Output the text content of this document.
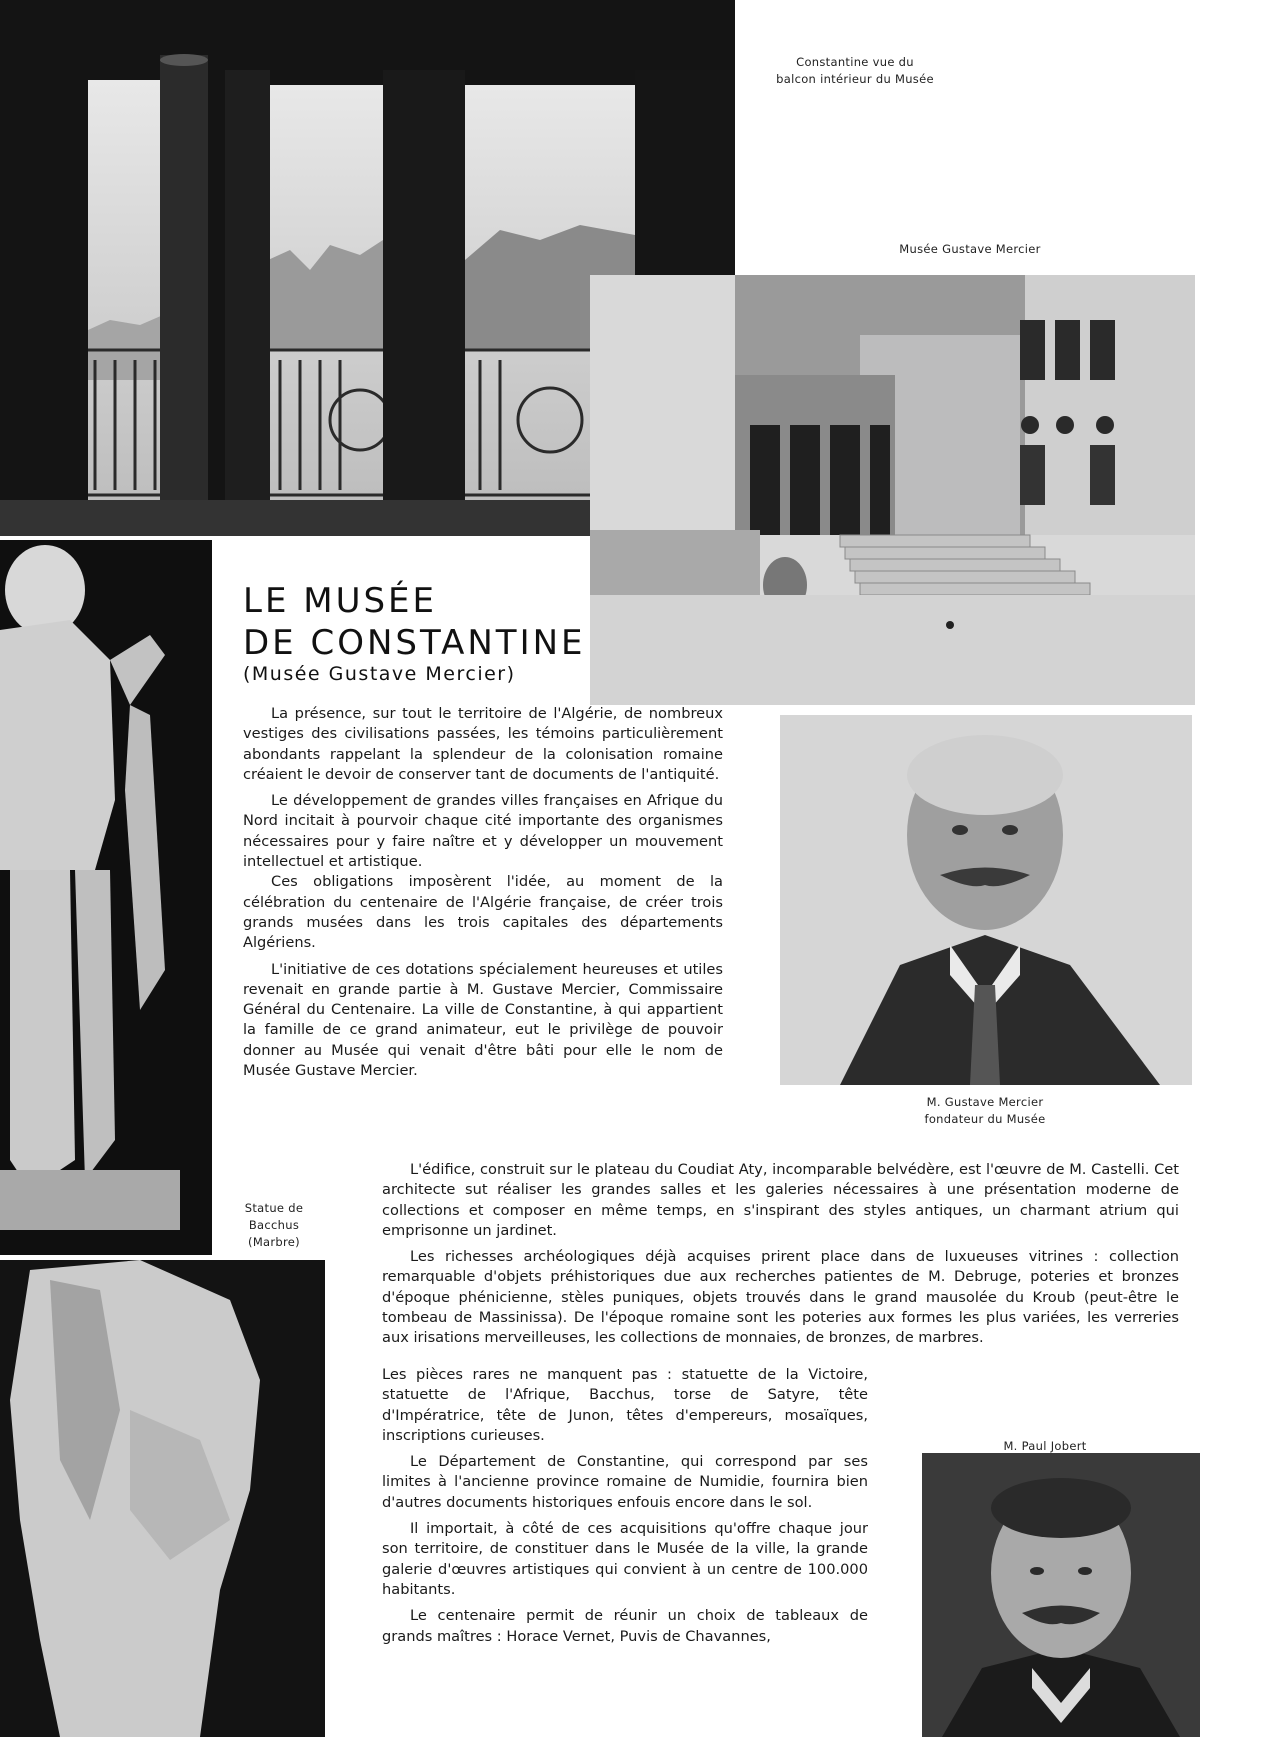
Constantine vue du
balcon intérieur du Musée
Musée Gustave Mercier
Statue de
Bacchus (Marbre)
M. Gustave Mercier
fondateur du Musée
M. Paul Jobert
LE MUSÉE
DE CONSTANTINE
(Musée Gustave Mercier)

La présence, sur tout le territoire de l'Algérie, de nombreux vestiges des civilisations passées, les témoins particulièrement abondants rappelant la splendeur de la colonisation romaine créaient le devoir de conserver tant de documents de l'antiquité.

Le développement de grandes villes françaises en Afrique du Nord incitait à pourvoir chaque cité importante des organismes nécessaires pour y faire naître et y développer un mouvement intellectuel et artistique.

Ces obligations imposèrent l'idée, au moment de la célébration du centenaire de l'Algérie française, de créer trois grands musées dans les trois capitales des départements Algériens.

L'initiative de ces dotations spécialement heureuses et utiles revenait en grande partie à M. Gustave Mercier, Commissaire Général du Centenaire. La ville de Constantine, à qui appartient la famille de ce grand animateur, eut le privilège de pouvoir donner au Musée qui venait d'être bâti pour elle le nom de Musée Gustave Mercier.

L'édifice, construit sur le plateau du Coudiat Aty, incomparable belvédère, est l'œuvre de M. Castelli. Cet architecte sut réaliser les grandes salles et les galeries nécessaires à une présentation moderne de collections et composer en même temps, en s'inspirant des styles antiques, un charmant atrium qui emprisonne un jardinet.

Les richesses archéologiques déjà acquises prirent place dans de luxueuses vitrines : collection remarquable d'objets préhistoriques due aux recherches patientes de M. Debruge, poteries et bronzes d'époque phénicienne, stèles puniques, objets trouvés dans le grand mausolée du Kroub (peut-être le tombeau de Massinissa). De l'époque romaine sont les poteries aux formes les plus variées, les verreries aux irisations merveilleuses, les collections de monnaies, de bronzes, de marbres.

Les pièces rares ne manquent pas : statuette de la Victoire, statuette de l'Afrique, Bacchus, torse de Satyre, tête d'Impératrice, tête de Junon, têtes d'empereurs, mosaïques, inscriptions curieuses.

Le Département de Constantine, qui correspond par ses limites à l'ancienne province romaine de Numidie, fournira bien d'autres documents historiques enfouis encore dans le sol.

Il importait, à côté de ces acquisitions qu'offre chaque jour son territoire, de constituer dans le Musée de la ville, la grande galerie d'œuvres artistiques qui convient à un centre de 100.000 habitants.

Le centenaire permit de réunir un choix de tableaux de grands maîtres : Horace Vernet, Puvis de Chavannes,
